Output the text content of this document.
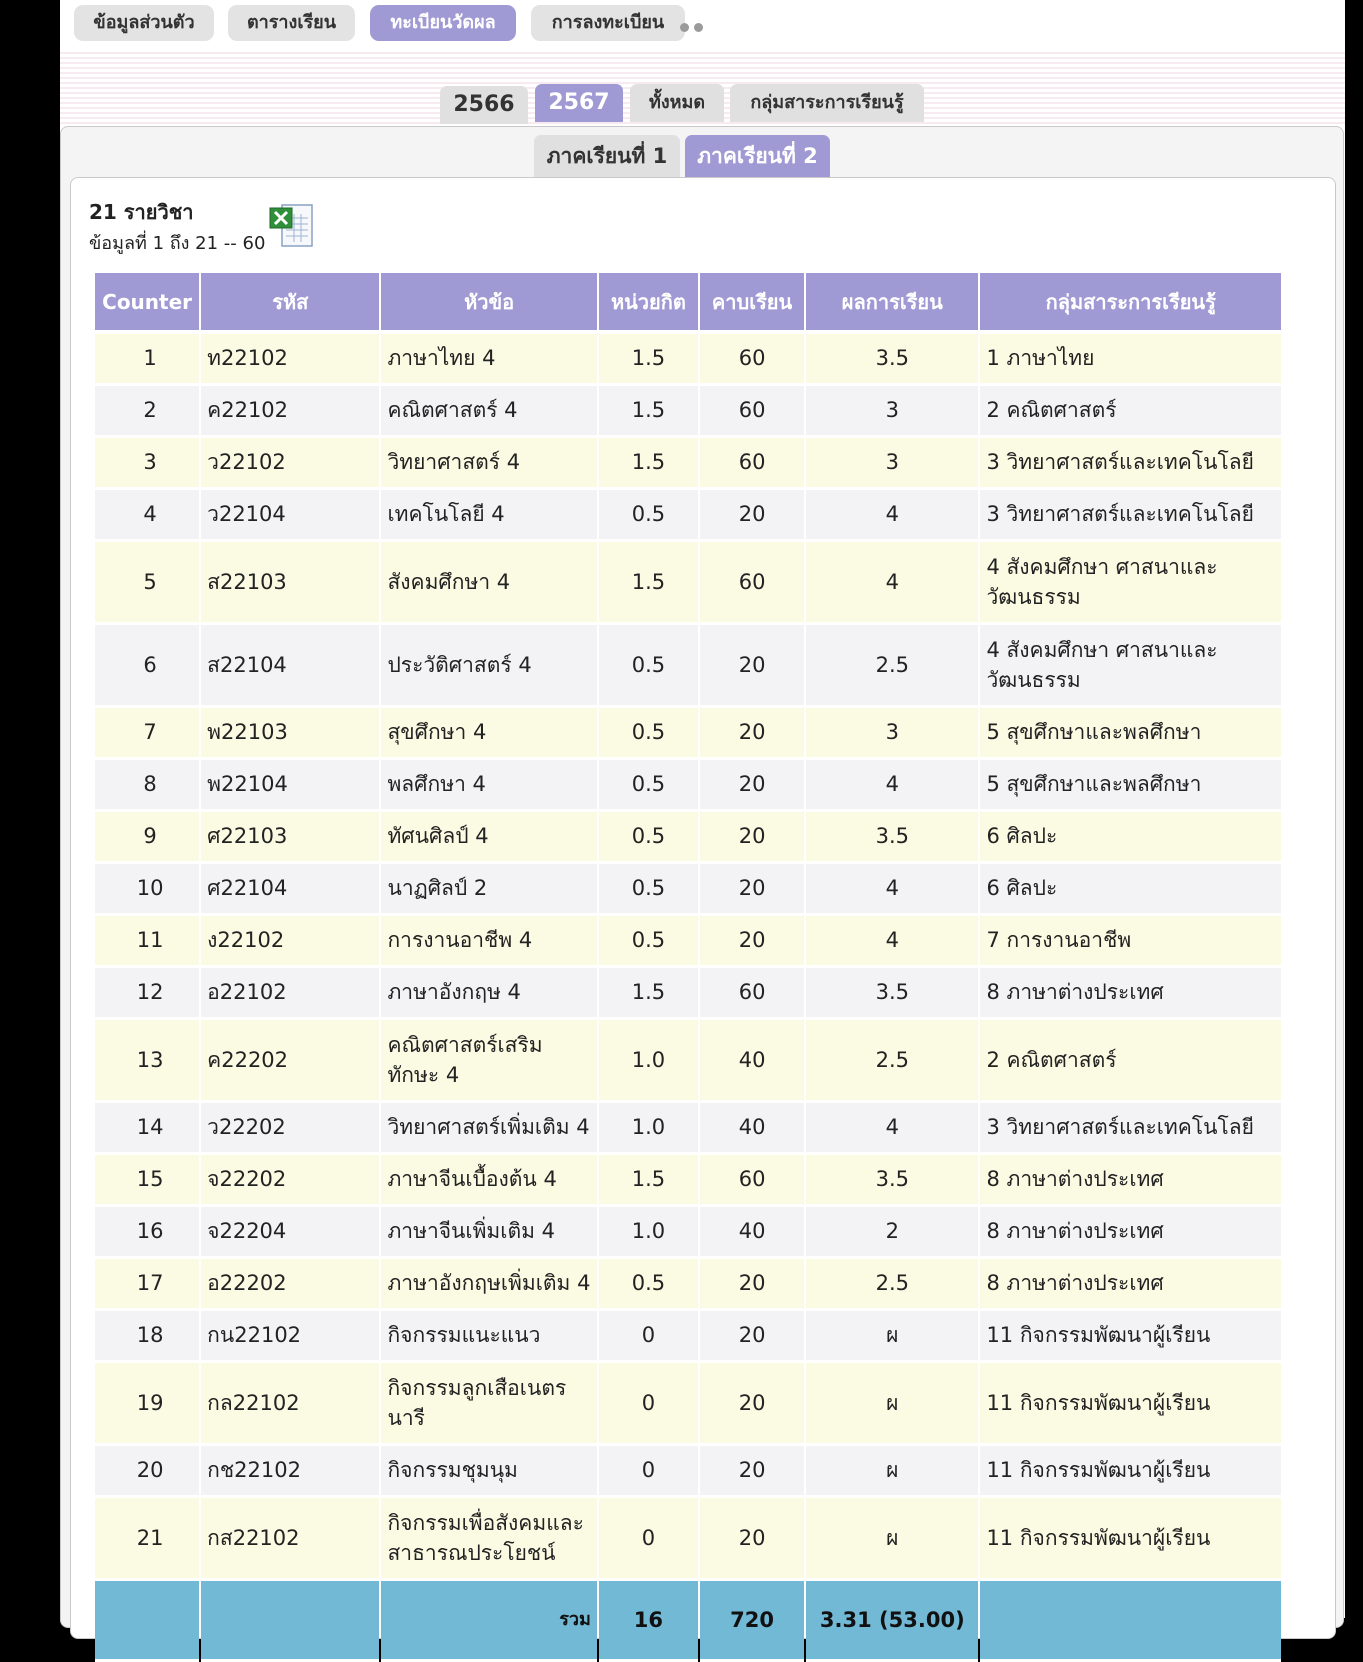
ข้อมูลส่วนตัว	ตารางเรียน	ทะเบียนวัดผล	การลงทะเบียน
2566	2567	ทั้งหมด	กลุ่มสาระการเรียนรู้
ภาคเรียนที่ 1	ภาคเรียนที่ 2
21 รายวิชา
ข้อมูลที่ 1 ถึง 21 -- 60
Counter	รหัส	หัวข้อ	หน่วยกิต	คาบเรียน	ผลการเรียน	กลุ่มสาระการเรียนรู้
1	ท22102	ภาษาไทย 4	1.5	60	3.5	1 ภาษาไทย
2	ค22102	คณิตศาสตร์ 4	1.5	60	3	2 คณิตศาสตร์
3	ว22102	วิทยาศาสตร์ 4	1.5	60	3	3 วิทยาศาสตร์และเทคโนโลยี
4	ว22104	เทคโนโลยี 4	0.5	20	4	3 วิทยาศาสตร์และเทคโนโลยี
5	ส22103	สังคมศึกษา 4	1.5	60	4	4 สังคมศึกษา ศาสนาและวัฒนธรรม
6	ส22104	ประวัติศาสตร์ 4	0.5	20	2.5	4 สังคมศึกษา ศาสนาและวัฒนธรรม
7	พ22103	สุขศึกษา 4	0.5	20	3	5 สุขศึกษาและพลศึกษา
8	พ22104	พลศึกษา 4	0.5	20	4	5 สุขศึกษาและพลศึกษา
9	ศ22103	ทัศนศิลป์ 4	0.5	20	3.5	6 ศิลปะ
10	ศ22104	นาฏศิลป์ 2	0.5	20	4	6 ศิลปะ
11	ง22102	การงานอาชีพ 4	0.5	20	4	7 การงานอาชีพ
12	อ22102	ภาษาอังกฤษ 4	1.5	60	3.5	8 ภาษาต่างประเทศ
13	ค22202	คณิตศาสตร์เสริมทักษะ 4	1.0	40	2.5	2 คณิตศาสตร์
14	ว22202	วิทยาศาสตร์เพิ่มเติม 4	1.0	40	4	3 วิทยาศาสตร์และเทคโนโลยี
15	จ22202	ภาษาจีนเบื้องต้น 4	1.5	60	3.5	8 ภาษาต่างประเทศ
16	จ22204	ภาษาจีนเพิ่มเติม 4	1.0	40	2	8 ภาษาต่างประเทศ
17	อ22202	ภาษาอังกฤษเพิ่มเติม 4	0.5	20	2.5	8 ภาษาต่างประเทศ
18	กน22102	กิจกรรมแนะแนว	0	20	ผ	11 กิจกรรมพัฒนาผู้เรียน
19	กล22102	กิจกรรมลูกเสือเนตรนารี	0	20	ผ	11 กิจกรรมพัฒนาผู้เรียน
20	กช22102	กิจกรรมชุมนุม	0	20	ผ	11 กิจกรรมพัฒนาผู้เรียน
21	กส22102	กิจกรรมเพื่อสังคมและสาธารณประโยชน์	0	20	ผ	11 กิจกรรมพัฒนาผู้เรียน
		รวม	16	720	3.31 (53.00)	
